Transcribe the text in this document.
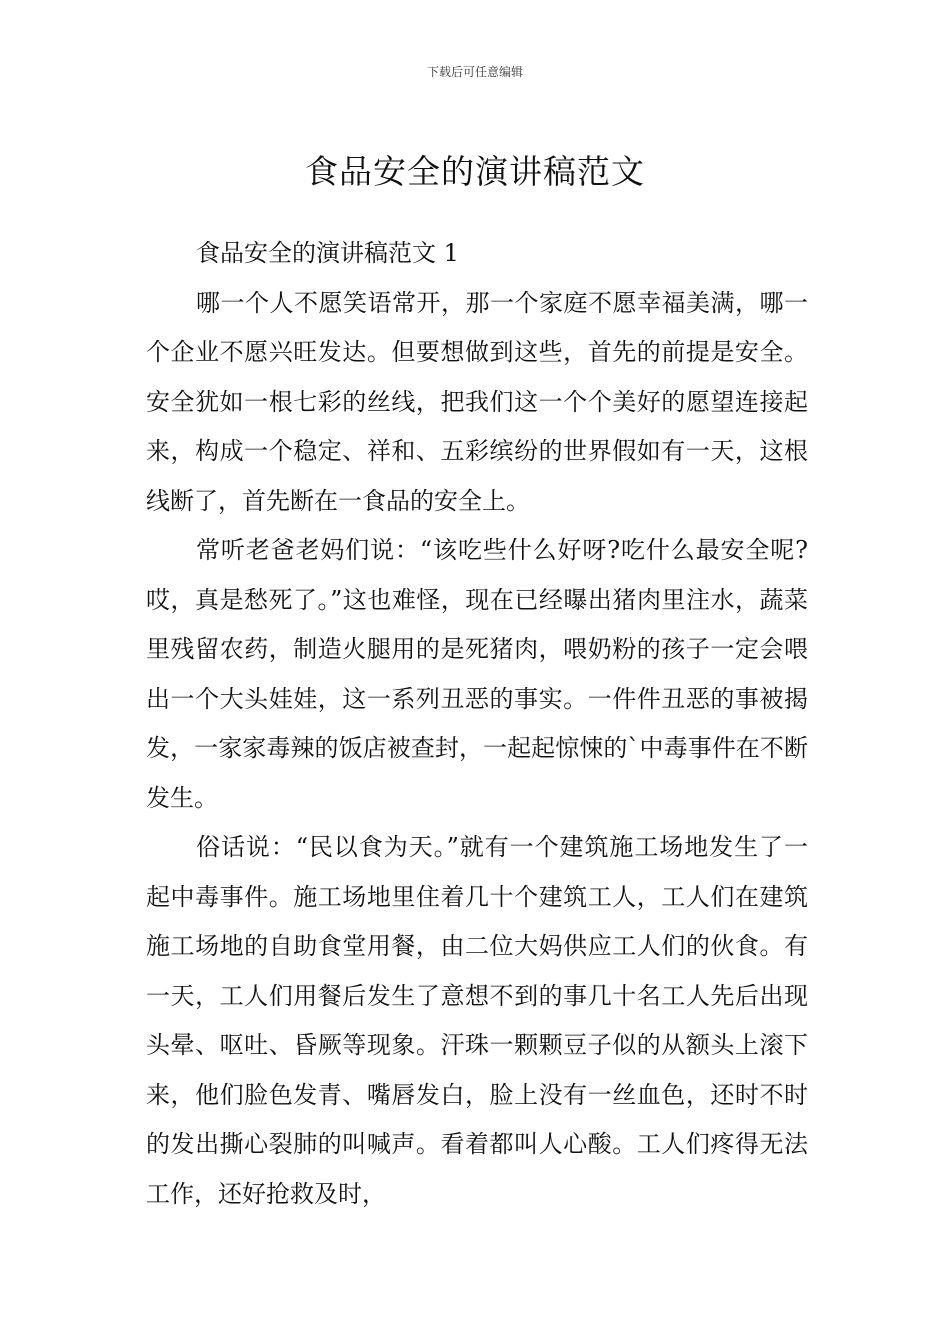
下载后可任意编辑
食品安全的演讲稿范文

食品安全的演讲稿范文 1

哪一个人不愿笑语常开，那一个家庭不愿幸福美满，哪一个企业不愿兴旺发达。但要想做到这些，首先的前提是安全。安全犹如一根七彩的丝线，把我们这一个个美好的愿望连接起来，构成一个稳定、祥和、五彩缤纷的世界假如有一天，这根线断了，首先断在一食品的安全上。

常听老爸老妈们说：“该吃些什么好呀?吃什么最安全呢?哎，真是愁死了。”这也难怪，现在已经曝出猪肉里注水，蔬菜里残留农药，制造火腿用的是死猪肉，喂奶粉的孩子一定会喂出一个大头娃娃，这一系列丑恶的事实。一件件丑恶的事被揭发，一家家毒辣的饭店被查封，一起起惊悚的`中毒事件在不断发生。

俗话说：“民以食为天。”就有一个建筑施工场地发生了一起中毒事件。施工场地里住着几十个建筑工人，工人们在建筑施工场地的自助食堂用餐，由二位大妈供应工人们的伙食。有一天，工人们用餐后发生了意想不到的事几十名工人先后出现头晕、呕吐、昏厥等现象。汗珠一颗颗豆子似的从额头上滚下来，他们脸色发青、嘴唇发白，脸上没有一丝血色，还时不时的发出撕心裂肺的叫喊声。看着都叫人心酸。工人们疼得无法工作，还好抢救及时，
